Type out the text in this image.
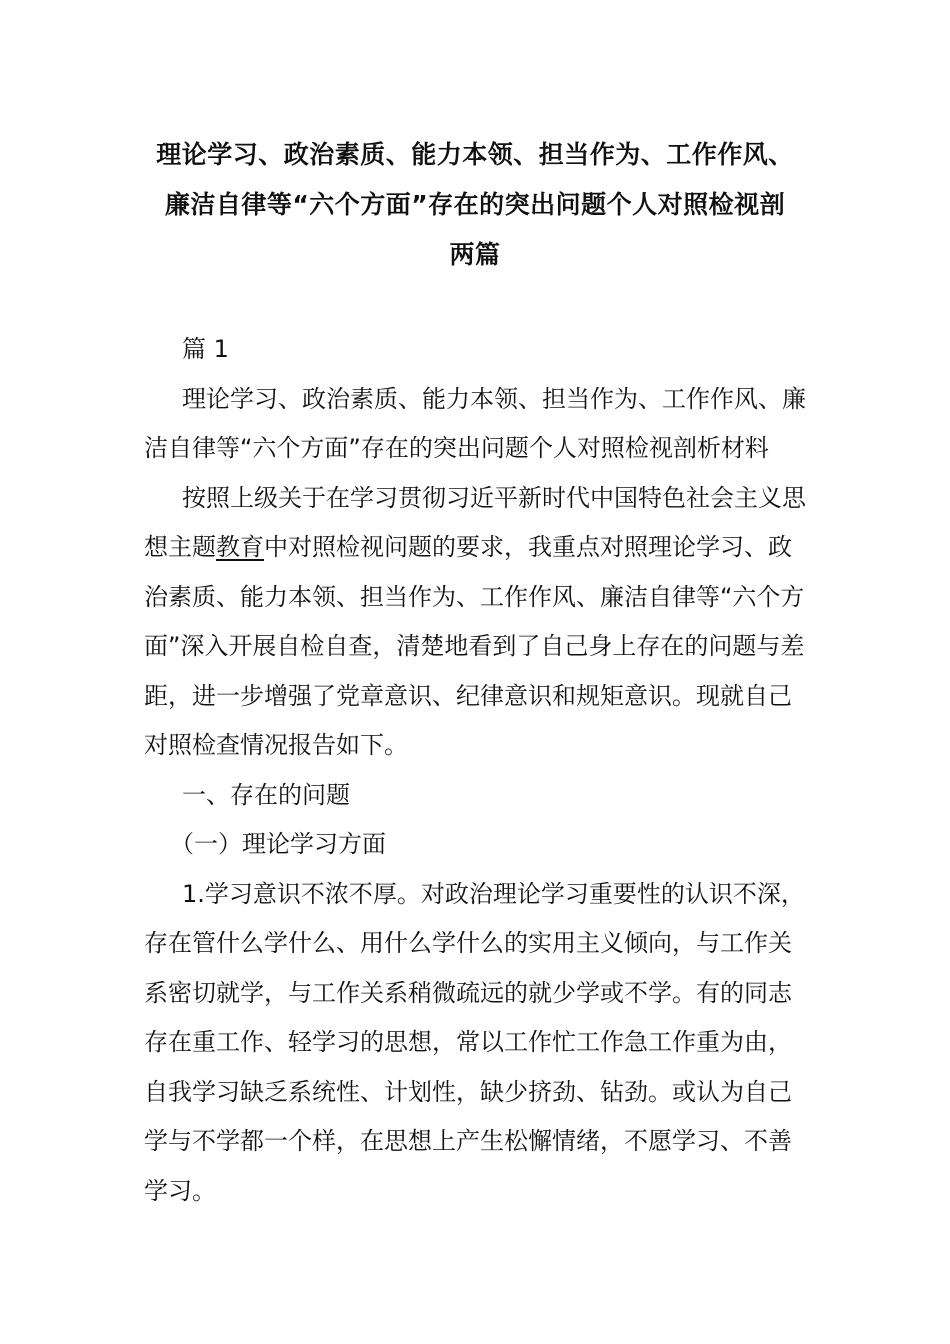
理论学习、政治素质、能力本领、担当作为、工作作风、
廉洁自律等“六个方面”存在的突出问题个人对照检视剖
两篇

篇 1

理论学习、政治素质、能力本领、担当作为、工作作风、廉
洁自律等“六个方面”存在的突出问题个人对照检视剖析材料

按照上级关于在学习贯彻习近平新时代中国特色社会主义思
想主题教育中对照检视问题的要求，我重点对照理论学习、政
治素质、能力本领、担当作为、工作作风、廉洁自律等“六个方
面”深入开展自检自查，清楚地看到了自己身上存在的问题与差
距，进一步增强了党章意识、纪律意识和规矩意识。现就自己
对照检查情况报告如下。

一、存在的问题

（一）理论学习方面

1.学习意识不浓不厚。对政治理论学习重要性的认识不深，
存在管什么学什么、用什么学什么的实用主义倾向，与工作关
系密切就学，与工作关系稍微疏远的就少学或不学。有的同志
存在重工作、轻学习的思想，常以工作忙工作急工作重为由，
自我学习缺乏系统性、计划性，缺少挤劲、钻劲。或认为自己
学与不学都一个样，在思想上产生松懈情绪，不愿学习、不善
学习。
